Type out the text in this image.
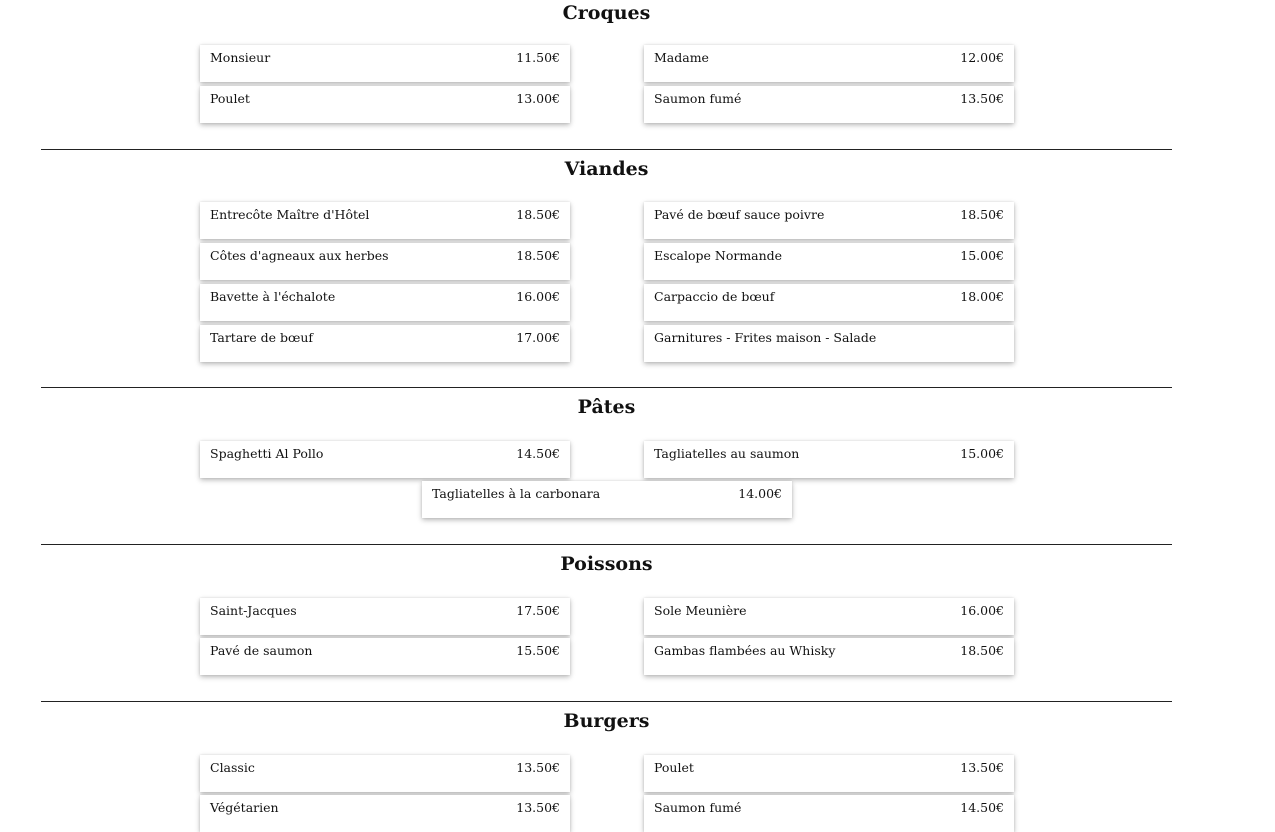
Croques
Monsieur	11.50€	Madame	12.00€
Poulet	13.00€	Saumon fumé	13.50€
Viandes
Entrecôte Maître d'Hôtel	18.50€	Pavé de bœuf sauce poivre	18.50€
Côtes d'agneaux aux herbes	18.50€	Escalope Normande	15.00€
Bavette à l'échalote	16.00€	Carpaccio de bœuf	18.00€
Tartare de bœuf	17.00€	Garnitures - Frites maison - Salade
Pâtes
Spaghetti Al Pollo	14.50€	Tagliatelles au saumon	15.00€
Tagliatelles à la carbonara	14.00€
Poissons
Saint-Jacques	17.50€	Sole Meunière	16.00€
Pavé de saumon	15.50€	Gambas flambées au Whisky	18.50€
Burgers
Classic	13.50€	Poulet	13.50€
Végétarien	13.50€	Saumon fumé	14.50€
